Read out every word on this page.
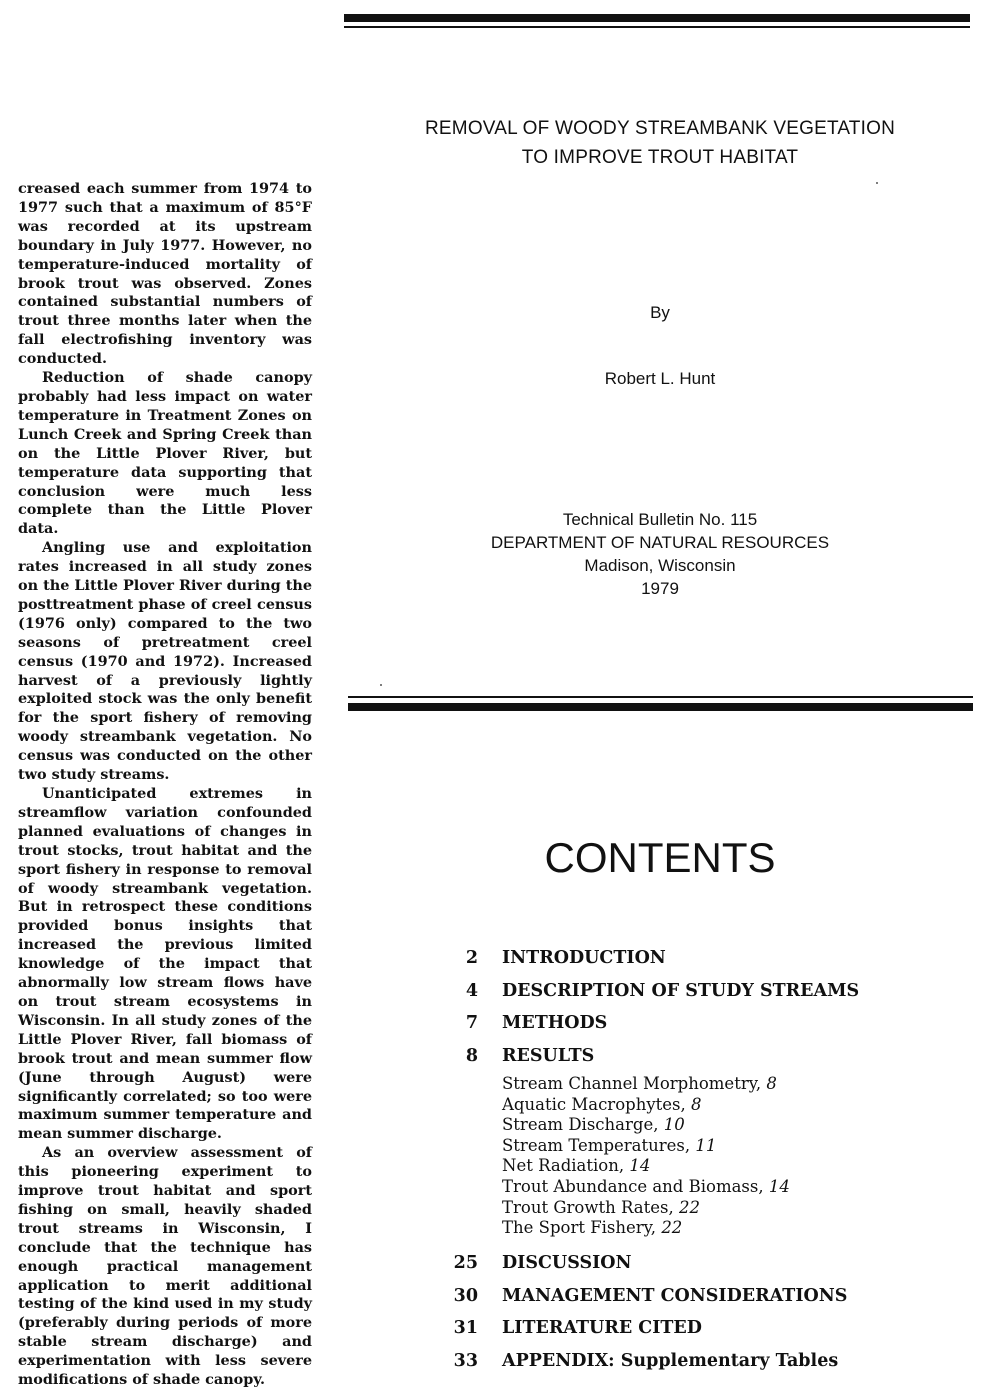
creased each summer from 1974 to 1977 such that a maximum of 85°F was recorded at its upstream boundary in July 1977. However, no temperature-induced mortality of brook trout was observed. Zones contained substantial numbers of trout three months later when the fall electrofishing inventory was conducted.

Reduction of shade canopy probably had less impact on water temperature in Treatment Zones on Lunch Creek and Spring Creek than on the Little Plover River, but temperature data supporting that conclusion were much less complete than the Little Plover data.

Angling use and exploitation rates increased in all study zones on the Little Plover River during the posttreatment phase of creel census (1976 only) compared to the two seasons of pretreatment creel census (1970 and 1972). Increased harvest of a previously lightly exploited stock was the only benefit for the sport fishery of removing woody streambank vegetation. No census was conducted on the other two study streams.

Unanticipated extremes in streamflow variation confounded planned evaluations of changes in trout stocks, trout habitat and the sport fishery in response to removal of woody streambank vegetation. But in retrospect these conditions provided bonus insights that increased the previous limited knowledge of the impact that abnormally low stream flows have on trout stream ecosystems in Wisconsin. In all study zones of the Little Plover River, fall biomass of brook trout and mean summer flow (June through August) were significantly correlated; so too were maximum summer temperature and mean summer discharge.

As an overview assessment of this pioneering experiment to improve trout habitat and sport fishing on small, heavily shaded trout streams in Wisconsin, I conclude that the technique has enough practical management application to merit additional testing of the kind used in my study (preferably during periods of more stable stream discharge) and experimentation with less severe modifications of shade canopy.

REMOVAL OF WOODY STREAMBANK VEGETATION
TO IMPROVE TROUT HABITAT
By
Robert L. Hunt
Technical Bulletin No. 115
DEPARTMENT OF NATURAL RESOURCES
Madison, Wisconsin
1979
CONTENTS
2	INTRODUCTION
4	DESCRIPTION OF STUDY STREAMS
7	METHODS
8	RESULTS
Stream Channel Morphometry, 8
Aquatic Macrophytes, 8
Stream Discharge, 10
Stream Temperatures, 11
Net Radiation, 14
Trout Abundance and Biomass, 14
Trout Growth Rates, 22
The Sport Fishery, 22
25	DISCUSSION
30	MANAGEMENT CONSIDERATIONS
31	LITERATURE CITED
33	APPENDIX: Supplementary Tables
